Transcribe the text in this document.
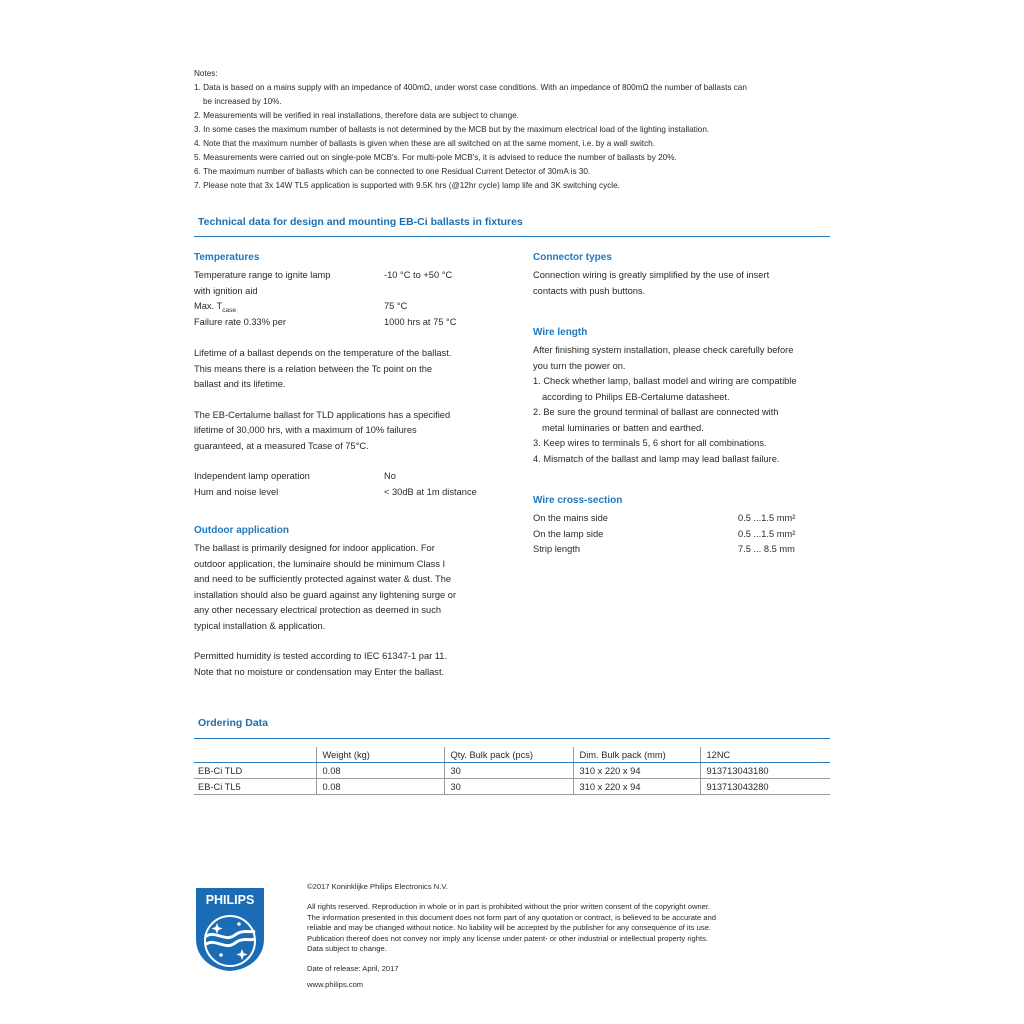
Notes:
1. Data is based on a mains supply with an impedance of 400mΩ, under worst case conditions. With an impedance of 800mΩ the number of ballasts can
be increased by 10%.
2. Measurements will be verified in real installations, therefore data are subject to change.
3. In some cases the maximum number of ballasts is not determined by the MCB but by the maximum electrical load of the lighting installation.
4. Note that the maximum number of ballasts is given when these are all switched on at the same moment, i.e. by a wall switch.
5. Measurements were carried out on single-pole MCB's. For multi-pole MCB's, it is advised to reduce the number of ballasts by 20%.
6. The maximum number of ballasts which can be connected to one Residual Current Detector of 30mA is 30.
7. Please note that 3x 14W TL5 application is supported with 9.5K hrs (@12hr cycle) lamp life and 3K switching cycle.
Technical data for design and mounting EB-Ci ballasts in fixtures
Temperatures
Temperature range to ignite lamp	-10 °C to +50 °C
with ignition aid
Max. $T_{case}$	75 °C
Failure rate 0.33% per	1000 hrs at 75 °C
Lifetime of a ballast depends on the temperature of the ballast.
This means there is a relation between the Tc point on the
ballast and its lifetime.
The EB-Certalume ballast for TLD applications has a specified
lifetime of 30,000 hrs, with a maximum of 10% failures
guaranteed, at a measured Tcase of 75°C.
Independent lamp operation	No
Hum and noise level	< 30dB at 1m distance
Outdoor application
The ballast is primarily designed for indoor application. For
outdoor application, the luminaire should be minimum Class I
and need to be sufficiently protected against water & dust. The
installation should also be guard against any lightening surge or
any other necessary electrical protection as deemed in such
typical installation & application.
Permitted humidity is tested according to IEC 61347-1 par 11.
Note that no moisture or condensation may Enter the ballast.
Connector types
Connection wiring is greatly simplified by the use of insert
contacts with push buttons.
Wire length
After finishing system installation, please check carefully before
you turn the power on.
1. Check whether lamp, ballast model and wiring are compatible
according to Philips EB-Certalume datasheet.
2. Be sure the ground terminal of ballast are connected with
metal luminaries or batten and earthed.
3. Keep wires to terminals 5, 6 short for all combinations.
4. Mismatch of the ballast and lamp may lead ballast failure.
Wire cross-section
On the mains side	0.5 ...1.5 mm²
On the lamp side	0.5 ...1.5 mm²
Strip length	7.5 ... 8.5 mm
Ordering Data
	Weight (kg)	Qty. Bulk pack (pcs)	Dim. Bulk pack (mm)	12NC
EB-Ci TLD	0.08	30	310 x 220 x 94	913713043180
EB-Ci TL5	0.08	30	310 x 220 x 94	913713043280
PHILIPS
©2017 Koninklijke Philips Electronics N.V.
All rights reserved. Reproduction in whole or in part is prohibited without the prior written consent of the copyright owner.
The information presented in this document does not form part of any quotation or contract, is believed to be accurate and
reliable and may be changed without notice. No liability will be accepted by the publisher for any consequence of its use.
Publication thereof does not convey nor imply any license under patent- or other industrial or intellectual property rights.
Data subject to change.
Date of release: April, 2017
www.philips.com
